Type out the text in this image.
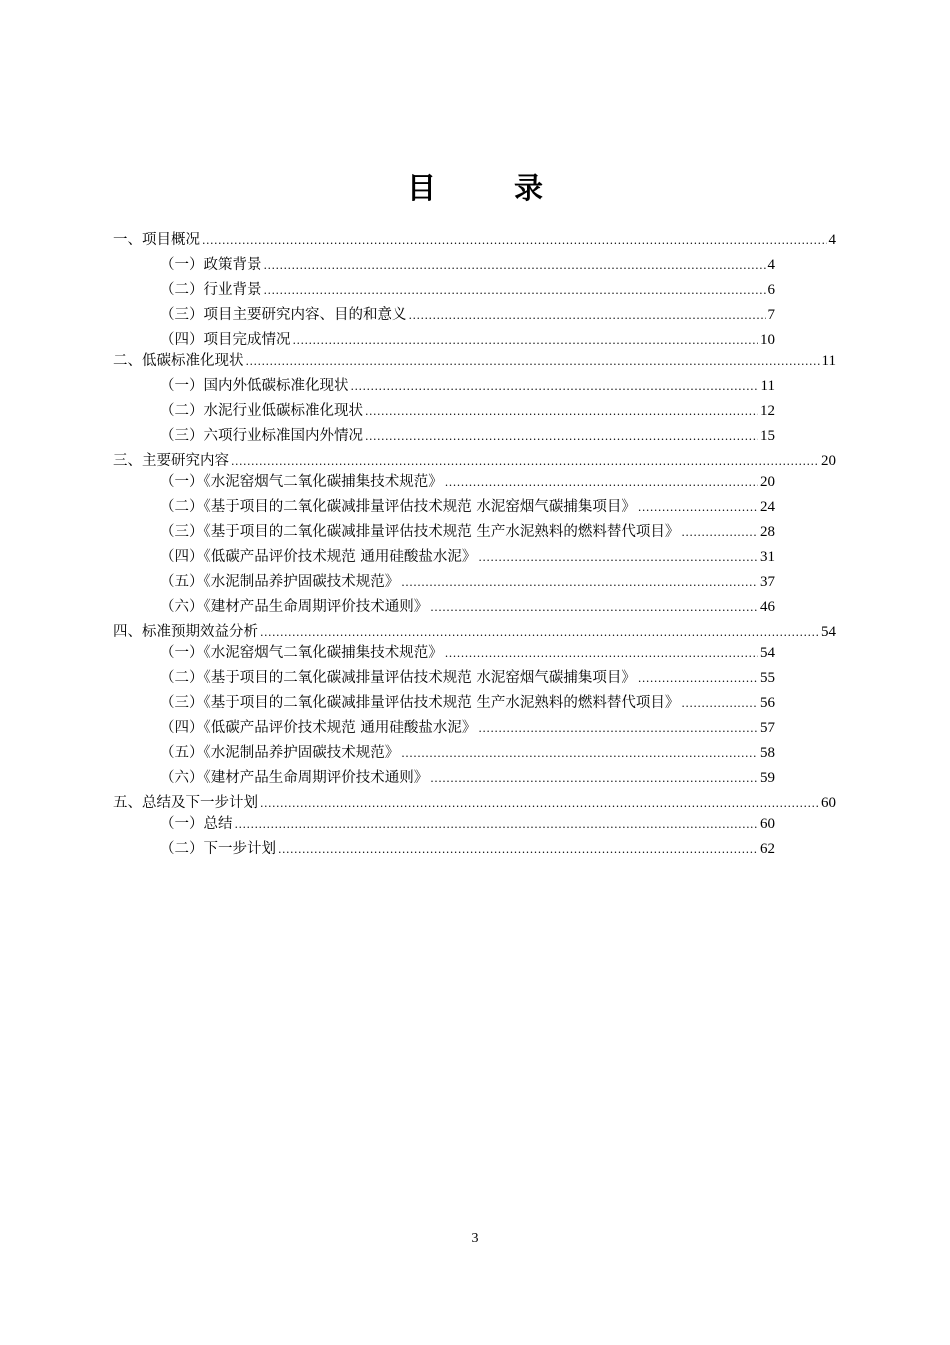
目 录
一、项目概况 .....	4
（一）政策背景 .....	4
（二）行业背景 .....	6
（三）项目主要研究内容、目的和意义 .....	7
（四）项目完成情况 .....	10
二、低碳标准化现状 .....	11
（一）国内外低碳标准化现状 .....	11
（二）水泥行业低碳标准化现状 .....	12
（三）六项行业标准国内外情况 .....	15
三、主要研究内容 .....	20
（一）《水泥窑烟气二氧化碳捕集技术规范》 .....	20
（二）《基于项目的二氧化碳减排量评估技术规范 水泥窑烟气碳捕集项目》 .....	24
（三）《基于项目的二氧化碳减排量评估技术规范 生产水泥熟料的燃料替代项目》 .....	28
（四）《低碳产品评价技术规范 通用硅酸盐水泥》 .....	31
（五）《水泥制品养护固碳技术规范》 .....	37
（六）《建材产品生命周期评价技术通则》 .....	46
四、标准预期效益分析 .....	54
（一）《水泥窑烟气二氧化碳捕集技术规范》 .....	54
（二）《基于项目的二氧化碳减排量评估技术规范 水泥窑烟气碳捕集项目》 .....	55
（三）《基于项目的二氧化碳减排量评估技术规范 生产水泥熟料的燃料替代项目》 .....	56
（四）《低碳产品评价技术规范 通用硅酸盐水泥》 .....	57
（五）《水泥制品养护固碳技术规范》 .....	58
（六）《建材产品生命周期评价技术通则》 .....	59
五、总结及下一步计划 .....	60
（一）总结 .....	60
（二）下一步计划 .....	62
3
